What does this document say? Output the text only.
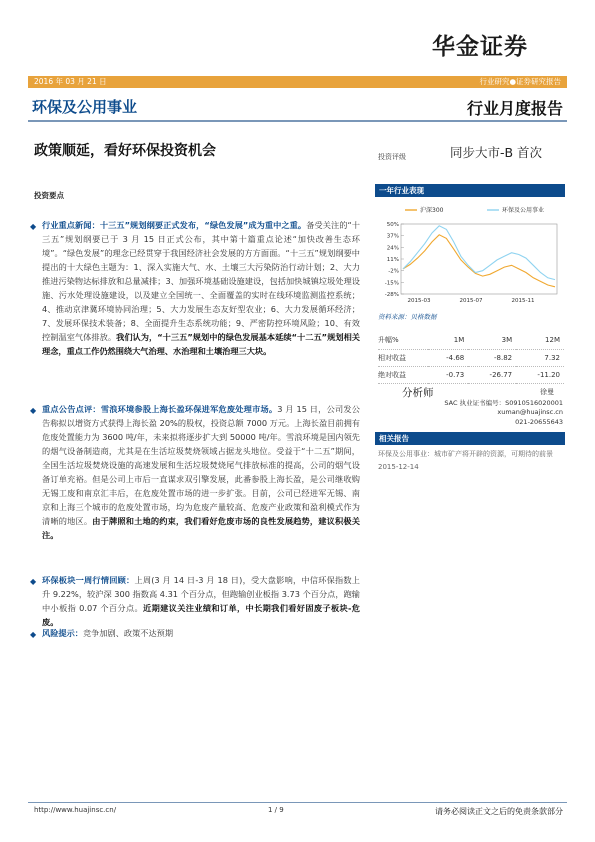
华金证券
2016 年 03 月 21 日	行业研究●证券研究报告
环保及公用事业	行业月度报告
政策顺延，看好环保投资机会	投资评级	同步大市-B 首次
投资要点
◆ 行业重点新闻：十三五”规划纲要正式发布，“绿色发展”成为重中之重。备受关注的“十三五”规划纲要已于 3 月 15 日正式公布，其中第十篇重点论述“加快改善生态环境”。“绿色发展”的理念已经贯穿于我国经济社会发展的方方面面。“十三五”规划纲要中提出的十大绿色主题为：1、深入实施大气、水、土壤三大污染防治行动计划；2、大力推进污染物达标排放和总量减排；3、加强环境基础设施建设，包括加快城镇垃圾处理设施、污水处理设施建设，以及建立全国统一、全面覆盖的实时在线环境监测监控系统；4、推动京津冀环境协同治理；5、大力发展生态友好型农业；6、大力发展循环经济；7、发展环保技术装备；8、全面提升生态系统功能；9、严密防控环境风险；10、有效控制温室气体排放。我们认为，“十三五”规划中的绿色发展基本延续“十二五”规划相关理念，重点工作仍然围绕大气治理、水治理和土壤治理三大块。
◆ 重点公告点评：雪浪环境参股上海长盈环保进军危废处理市场。3 月 15 日，公司发公告称拟以增资方式获得上海长盈 20%的股权，投资总额 7000 万元。上海长盈目前拥有危废处置能力为 3600 吨/年，未来拟将逐步扩大到 50000 吨/年。雪浪环境是国内领先的烟气设备制造商，尤其是在生活垃圾焚烧领域占据龙头地位。受益于“十二五”期间，全国生活垃圾焚烧设施的高速发展和生活垃圾焚烧尾气排放标准的提高，公司的烟气设备订单充裕。但是公司上市后一直谋求双引擎发展，此番参股上海长盈，是公司继收购无锡工废和南京汇丰后，在危废处置市场的进一步扩张。目前，公司已经进军无锡、南京和上海三个城市的危废处置市场，均为危废产量较高、危废产业政策和盈利模式作为清晰的地区。由于牌照和土地的约束，我们看好危废市场的良性发展趋势，建议积极关注。
◆ 环保板块一周行情回顾：上周(3 月 14 日-3 月 18 日)，受大盘影响，中信环保指数上升 9.22%，较沪深 300 指数高 4.31 个百分点，但跑输创业板指 3.73 个百分点，跑输中小板指 0.07 个百分点。近期建议关注业绩和订单，中长期我们看好固废子板块-危废。
◆ 风险提示：竞争加剧、政策不达预期
一年行业表现
50%
37%
24%
11%
-2%
-15%
-28%
2015-03	2015-07	2015-11
沪深300	环保及公用事业
资料来源：贝格数据
升幅%	1M	3M	12M
相对收益	-4.68	-8.82	7.32
绝对收益	-0.73	-26.77	-11.20
分析师	徐曼
SAC 执业证书编号：S0910516020001
xuman@huajinsc.cn
021-20655643
相关报告
环保及公用事业：城市矿产将开辟的资源，可期待的前景 2015-12-14
http://www.huajinsc.cn/	1 / 9	请务必阅读正文之后的免责条款部分
